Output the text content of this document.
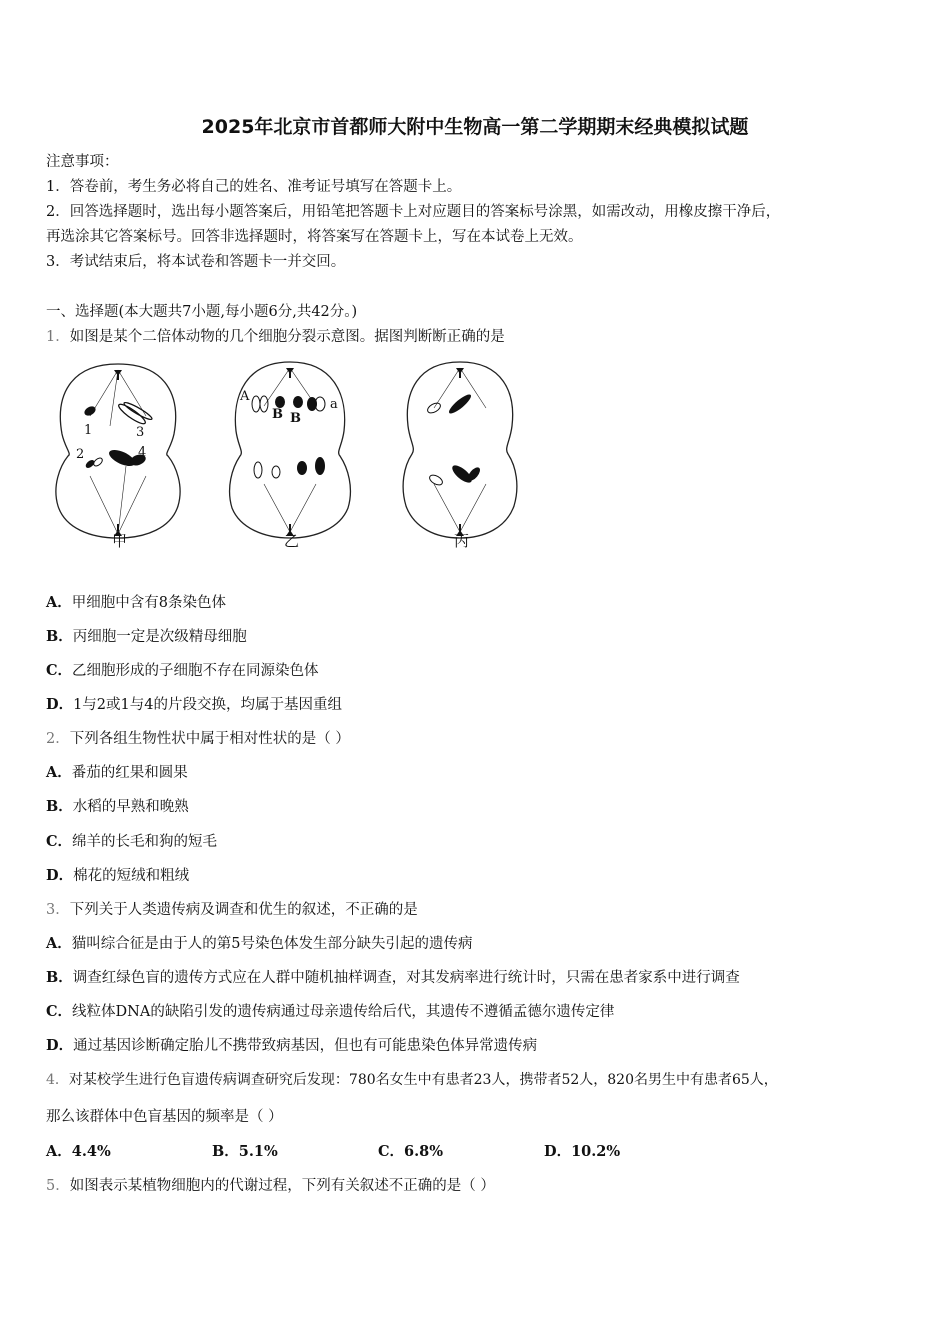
2025年北京市首都师大附中生物高一第二学期期末经典模拟试题
注意事项：
1．答卷前，考生务必将自己的姓名、准考证号填写在答题卡上。
2．回答选择题时，选出每小题答案后，用铅笔把答题卡上对应题目的答案标号涂黑，如需改动，用橡皮擦干净后，
再选涂其它答案标号。回答非选择题时，将答案写在答题卡上，写在本试卷上无效。
3．考试结束后，将本试卷和答题卡一并交回。
一、选择题(本大题共7小题,每小题6分,共42分。)
1．如图是某个二倍体动物的几个细胞分裂示意图。据图判断断正确的是
1
2
3
4
A
B B
a
甲	乙	丙
A．甲细胞中含有8条染色体
B．丙细胞一定是次级精母细胞
C．乙细胞形成的子细胞不存在同源染色体
D．1与2或1与4的片段交换，均属于基因重组
2．下列各组生物性状中属于相对性状的是（ ）
A．番茄的红果和圆果
B．水稻的早熟和晚熟
C．绵羊的长毛和狗的短毛
D．棉花的短绒和粗绒
3．下列关于人类遗传病及调查和优生的叙述，不正确的是
A．猫叫综合征是由于人的第5号染色体发生部分缺失引起的遗传病
B．调查红绿色盲的遗传方式应在人群中随机抽样调查，对其发病率进行统计时，只需在患者家系中进行调查
C．线粒体DNA的缺陷引发的遗传病通过母亲遗传给后代，其遗传不遵循孟德尔遗传定律
D．通过基因诊断确定胎儿不携带致病基因，但也有可能患染色体异常遗传病
4．对某校学生进行色盲遗传病调查研究后发现：780名女生中有患者23人，携带者52人，820名男生中有患者65人，
那么该群体中色盲基因的频率是（ ）
A．4.4%	B．5.1%	C．6.8%	D．10.2%
5．如图表示某植物细胞内的代谢过程，下列有关叙述不正确的是（ ）
